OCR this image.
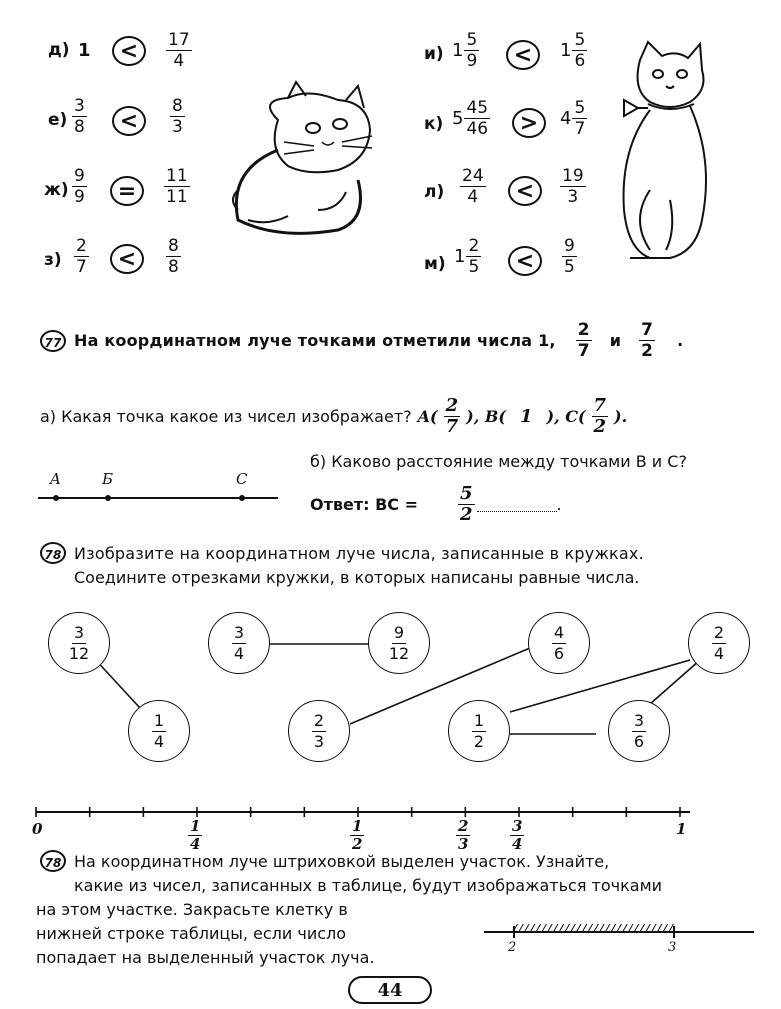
д) 1	<	$\frac{17}{4}$
$е) \frac{3}{8}$	<	$\frac{8}{3}$
$ж) \frac{9}{9}$	=	$\frac{11}{11}$
$з) \frac{2}{7}$	<	$\frac{8}{8}$
и) $1 \frac{5}{9}$	<	$1 \frac{5}{6}$
к) $5 \frac{45}{46}$	>	$4 \frac{5}{7}$
$л) \frac{24}{4}$	<	$\frac{19}{3}$
м) $1 \frac{2}{5}$	<	$\frac{9}{5}$
77 На координатном луче точками отметили числа 1, $\frac{2}{7}$ и $\frac{7}{2}$ .
а) Какая точка какое из чисел изображает? $A( \frac{2}{7}$ ), B( 1 ), $C( \frac{7}{2}$ ).
A	Б	C
б) Каково расстояние между точками B и C?
Ответ: BC = $\frac{5}{2}$	.
78 Изобразите на координатном луче числа, записанные в кружках.
Соедините отрезками кружки, в которых написаны равные числа.
$\frac{3}{12}$
$\frac{1}{4}$
$\frac{3}{4}$	$\frac{9}{12}$
$\frac{2}{3}$
$\frac{4}{6}$
$\frac{1}{2}$	$\frac{3}{6}$
$\frac{2}{4}$
0	1
$\frac{1}{4}$	$\frac{1}{2}$	$\frac{2}{3}$	$\frac{3}{4}$
78 На координатном луче штриховкой выделен участок. Узнайте,
какие из чисел, записанных в таблице, будут изображаться точками
на этом участке. Закрасьте клетку в
нижней строке таблицы, если число
попадает на выделенный участок луча.
2	3
44
